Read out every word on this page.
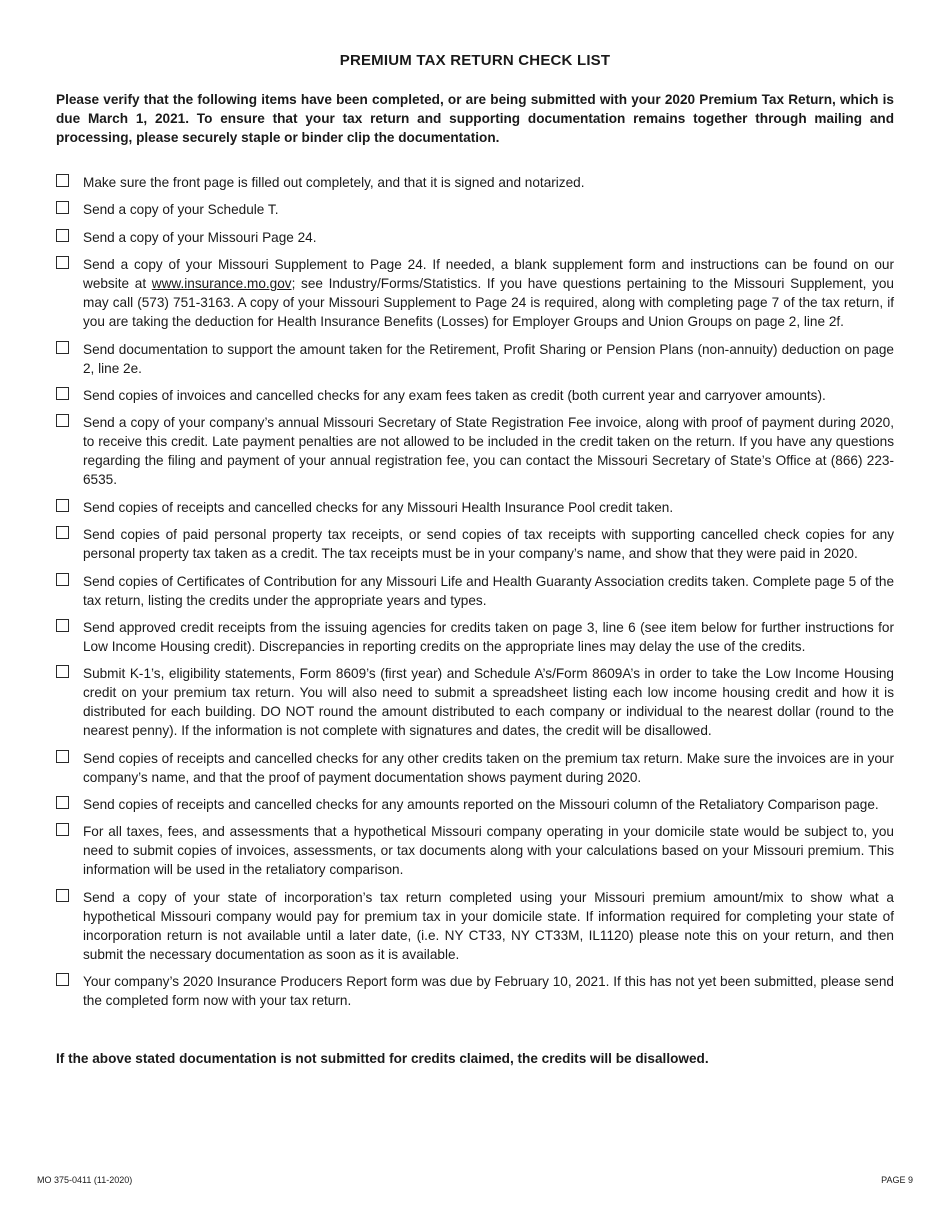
PREMIUM TAX RETURN CHECK LIST
Please verify that the following items have been completed, or are being submitted with your 2020 Premium Tax Return, which is due March 1, 2021. To ensure that your tax return and supporting documentation remains together through mailing and processing, please securely staple or binder clip the documentation.
Make sure the front page is filled out completely, and that it is signed and notarized.
Send a copy of your Schedule T.
Send a copy of your Missouri Page 24.
Send a copy of your Missouri Supplement to Page 24. If needed, a blank supplement form and instructions can be found on our website at www.insurance.mo.gov; see Industry/Forms/Statistics. If you have questions pertaining to the Missouri Supplement, you may call (573) 751-3163. A copy of your Missouri Supplement to Page 24 is required, along with completing page 7 of the tax return, if you are taking the deduction for Health Insurance Benefits (Losses) for Employer Groups and Union Groups on page 2, line 2f.
Send documentation to support the amount taken for the Retirement, Profit Sharing or Pension Plans (non-annuity) deduction on page 2, line 2e.
Send copies of invoices and cancelled checks for any exam fees taken as credit (both current year and carryover amounts).
Send a copy of your company’s annual Missouri Secretary of State Registration Fee invoice, along with proof of payment during 2020, to receive this credit. Late payment penalties are not allowed to be included in the credit taken on the return. If you have any questions regarding the filing and payment of your annual registration fee, you can contact the Missouri Secretary of State’s Office at (866) 223-6535.
Send copies of receipts and cancelled checks for any Missouri Health Insurance Pool credit taken.
Send copies of paid personal property tax receipts, or send copies of tax receipts with supporting cancelled check copies for any personal property tax taken as a credit. The tax receipts must be in your company’s name, and show that they were paid in 2020.
Send copies of Certificates of Contribution for any Missouri Life and Health Guaranty Association credits taken. Complete page 5 of the tax return, listing the credits under the appropriate years and types.
Send approved credit receipts from the issuing agencies for credits taken on page 3, line 6 (see item below for further instructions for Low Income Housing credit). Discrepancies in reporting credits on the appropriate lines may delay the use of the credits.
Submit K-1’s, eligibility statements, Form 8609’s (first year) and Schedule A’s/Form 8609A’s in order to take the Low Income Housing credit on your premium tax return. You will also need to submit a spreadsheet listing each low income housing credit and how it is distributed for each building. DO NOT round the amount distributed to each company or individual to the nearest dollar (round to the nearest penny). If the information is not complete with signatures and dates, the credit will be disallowed.
Send copies of receipts and cancelled checks for any other credits taken on the premium tax return. Make sure the invoices are in your company’s name, and that the proof of payment documentation shows payment during 2020.
Send copies of receipts and cancelled checks for any amounts reported on the Missouri column of the Retaliatory Comparison page.
For all taxes, fees, and assessments that a hypothetical Missouri company operating in your domicile state would be subject to, you need to submit copies of invoices, assessments, or tax documents along with your calculations based on your Missouri premium. This information will be used in the retaliatory comparison.
Send a copy of your state of incorporation’s tax return completed using your Missouri premium amount/mix to show what a hypothetical Missouri company would pay for premium tax in your domicile state. If information required for completing your state of incorporation return is not available until a later date, (i.e. NY CT33, NY CT33M, IL1120) please note this on your return, and then submit the necessary documentation as soon as it is available.
Your company’s 2020 Insurance Producers Report form was due by February 10, 2021. If this has not yet been submitted, please send the completed form now with your tax return.
If the above stated documentation is not submitted for credits claimed, the credits will be disallowed.
MO 375-0411 (11-2020)	PAGE 9
